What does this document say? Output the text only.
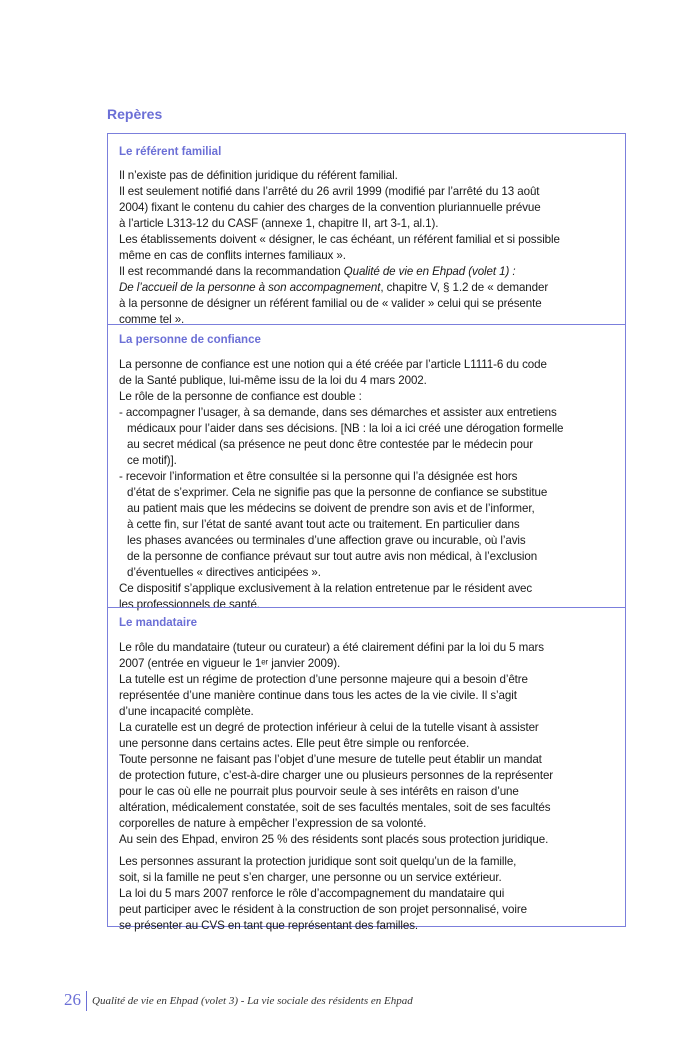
Repères
Le référent familial

Il n’existe pas de définition juridique du référent familial.

Il est seulement notifié dans l’arrêté du 26 avril 1999 (modifié par l’arrêté du 13 août
2004) fixant le contenu du cahier des charges de la convention pluriannuelle prévue
à l’article L313-12 du CASF (annexe 1, chapitre II, art 3-1, al.1).

Les établissements doivent « désigner, le cas échéant, un référent familial et si possible
même en cas de conflits internes familiaux ».

Il est recommandé dans la recommandation Qualité de vie en Ehpad (volet 1) :
De l’accueil de la personne à son accompagnement, chapitre V, § 1.2 de « demander
à la personne de désigner un référent familial ou de « valider » celui qui se présente
comme tel ».

La personne de confiance

La personne de confiance est une notion qui a été créée par l’article L1111-6 du code
de la Santé publique, lui-même issu de la loi du 4 mars 2002.

Le rôle de la personne de confiance est double :

- accompagner l’usager, à sa demande, dans ses démarches et assister aux entretiens

médicaux pour l’aider dans ses décisions. [NB : la loi a ici créé une dérogation formelle
au secret médical (sa présence ne peut donc être contestée par le médecin pour
ce motif)].

- recevoir l’information et être consultée si la personne qui l’a désignée est hors

d’état de s’exprimer. Cela ne signifie pas que la personne de confiance se substitue
au patient mais que les médecins se doivent de prendre son avis et de l’informer,
à cette fin, sur l’état de santé avant tout acte ou traitement. En particulier dans
les phases avancées ou terminales d’une affection grave ou incurable, où l’avis
de la personne de confiance prévaut sur tout autre avis non médical, à l’exclusion
d’éventuelles « directives anticipées ».

Ce dispositif s’applique exclusivement à la relation entretenue par le résident avec
les professionnels de santé.

Le mandataire

Le rôle du mandataire (tuteur ou curateur) a été clairement défini par la loi du 5 mars
2007 (entrée en vigueur le 1ᵉʳ janvier 2009).

La tutelle est un régime de protection d’une personne majeure qui a besoin d’être
représentée d’une manière continue dans tous les actes de la vie civile. Il s’agit
d’une incapacité complète.

La curatelle est un degré de protection inférieur à celui de la tutelle visant à assister
une personne dans certains actes. Elle peut être simple ou renforcée.

Toute personne ne faisant pas l’objet d’une mesure de tutelle peut établir un mandat
de protection future, c’est-à-dire charger une ou plusieurs personnes de la représenter
pour le cas où elle ne pourrait plus pourvoir seule à ses intérêts en raison d’une
altération, médicalement constatée, soit de ses facultés mentales, soit de ses facultés
corporelles de nature à empêcher l’expression de sa volonté.

Au sein des Ehpad, environ 25 % des résidents sont placés sous protection juridique.

Les personnes assurant la protection juridique sont soit quelqu’un de la famille,
soit, si la famille ne peut s’en charger, une personne ou un service extérieur.

La loi du 5 mars 2007 renforce le rôle d’accompagnement du mandataire qui
peut participer avec le résident à la construction de son projet personnalisé, voire
se présenter au CVS en tant que représentant des familles.

26 Qualité de vie en Ehpad (volet 3) - La vie sociale des résidents en Ehpad
